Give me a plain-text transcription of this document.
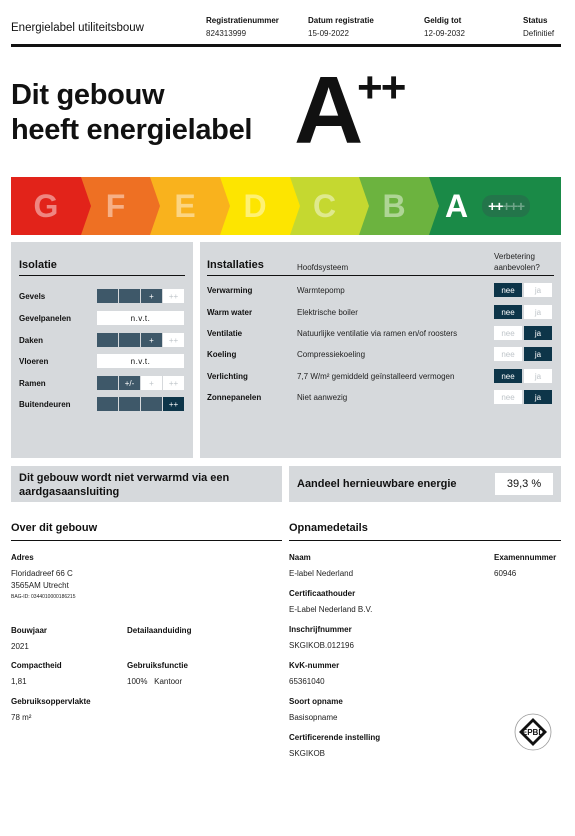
Energielabel utiliteitsbouw
Registratienummer
824313999
Datum registratie
15-09-2022
Geldig tot
12-09-2032
Status
Definitief
Dit gebouw
heeft energielabel A
++
G F E D C B A ++ +++
Isolatie
Gevels	+	++
Gevelpanelen	n.v.t.
Daken	+	++
Vloeren	n.v.t.
Ramen	+/-	+	++
Buitendeuren	++
Installaties	Hoofdsysteem
Verbetering aanbevolen?
Verwarming	Warmtepomp	nee	ja
Warm water	Elektrische boiler	nee	ja
Ventilatie	Natuurlijke ventilatie via ramen en/of roosters	nee	ja
Koeling	Compressiekoeling	nee	ja
Verlichting	7,7 W/m² gemiddeld geïnstalleerd vermogen	nee	ja
Zonnepanelen	Niet aanwezig	nee	ja
Dit gebouw wordt niet verwarmd via een aardgasaansluiting
Aandeel hernieuwbare energie	39,3 %
Over dit gebouw
Adres
Floridadreef 66 C
3565AM Utrecht
BAG-ID: 0344010000186215
Bouwjaar
2021
Detailaanduiding
Compactheid
1,81
Gebruiksfunctie
100% Kantoor
Gebruiksoppervlakte
78 m²
Opnamedetails
Naam
E-label Nederland
Examennummer
60946
Certificaathouder
E-Label Nederland B.V.
Inschrijfnummer
SKGIKOB.012196
KvK-nummer
65361040
Soort opname
Basisopname
Certificerende instelling
SKGIKOB
EPBD
